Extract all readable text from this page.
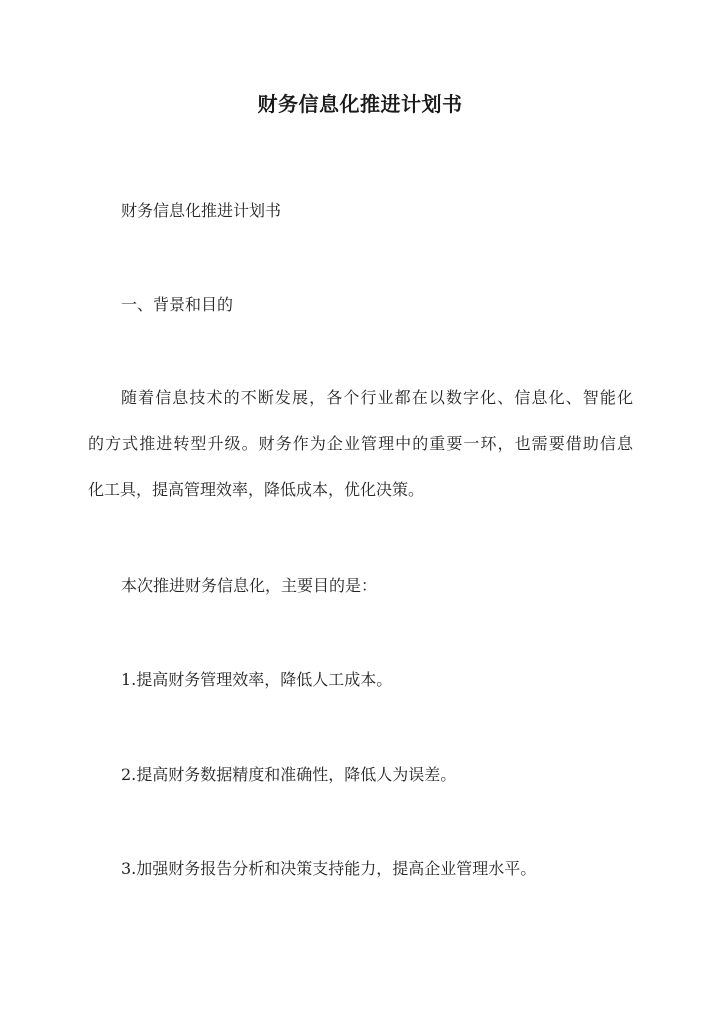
财务信息化推进计划书
财务信息化推进计划书
一、背景和目的
随着信息技术的不断发展，各个行业都在以数字化、信息化、智能化
的方式推进转型升级。财务作为企业管理中的重要一环，也需要借助信息
化工具，提高管理效率，降低成本，优化决策。
本次推进财务信息化，主要目的是：
1.提高财务管理效率，降低人工成本。
2.提高财务数据精度和准确性，降低人为误差。
3.加强财务报告分析和决策支持能力，提高企业管理水平。
